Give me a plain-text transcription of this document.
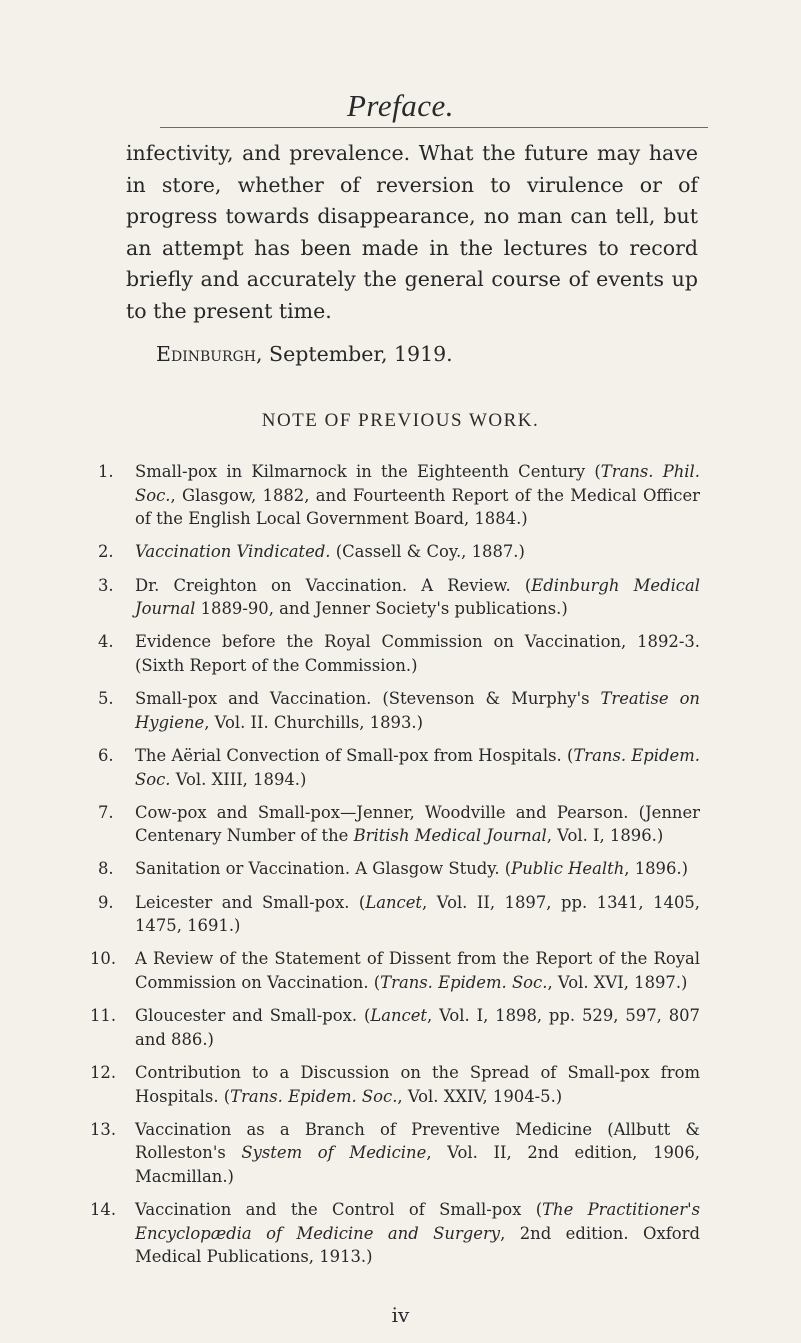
Preface.

infectivity, and prevalence. What the future may have in store, whether of reversion to virulence or of progress towards disappearance, no man can tell, but an attempt has been made in the lectures to record briefly and accurately the general course of events up to the present time.

Edinburgh, September, 1919.
NOTE OF PREVIOUS WORK.
1.	Small-pox in Kilmarnock in the Eighteenth Century (Trans. Phil. Soc., Glasgow, 1882, and Fourteenth Report of the Medical Officer of the English Local Government Board, 1884.)
2.	Vaccination Vindicated. (Cassell & Coy., 1887.)
3.	Dr. Creighton on Vaccination. A Review. (Edinburgh Medical Journal 1889-90, and Jenner Society's publications.)
4.	Evidence before the Royal Commission on Vaccination, 1892-3. (Sixth Report of the Commission.)
5.	Small-pox and Vaccination. (Stevenson & Murphy's Treatise on Hygiene, Vol. II. Churchills, 1893.)
6.	The Aërial Convection of Small-pox from Hospitals. (Trans. Epidem. Soc. Vol. XIII, 1894.)
7.	Cow-pox and Small-pox—Jenner, Woodville and Pearson. (Jenner Centenary Number of the British Medical Journal, Vol. I, 1896.)
8.	Sanitation or Vaccination. A Glasgow Study. (Public Health, 1896.)
9.	Leicester and Small-pox. (Lancet, Vol. II, 1897, pp. 1341, 1405, 1475, 1691.)
10.	A Review of the Statement of Dissent from the Report of the Royal Commission on Vaccination. (Trans. Epidem. Soc., Vol. XVI, 1897.)
11.	Gloucester and Small-pox. (Lancet, Vol. I, 1898, pp. 529, 597, 807 and 886.)
12.	Contribution to a Discussion on the Spread of Small-pox from Hospitals. (Trans. Epidem. Soc., Vol. XXIV, 1904-5.)
13.	Vaccination as a Branch of Preventive Medicine (Allbutt & Rolleston's System of Medicine, Vol. II, 2nd edition, 1906, Macmillan.)
14.	Vaccination and the Control of Small-pox (The Practitioner's Encyclopædia of Medicine and Surgery, 2nd edition. Oxford Medical Publications, 1913.)
iv
